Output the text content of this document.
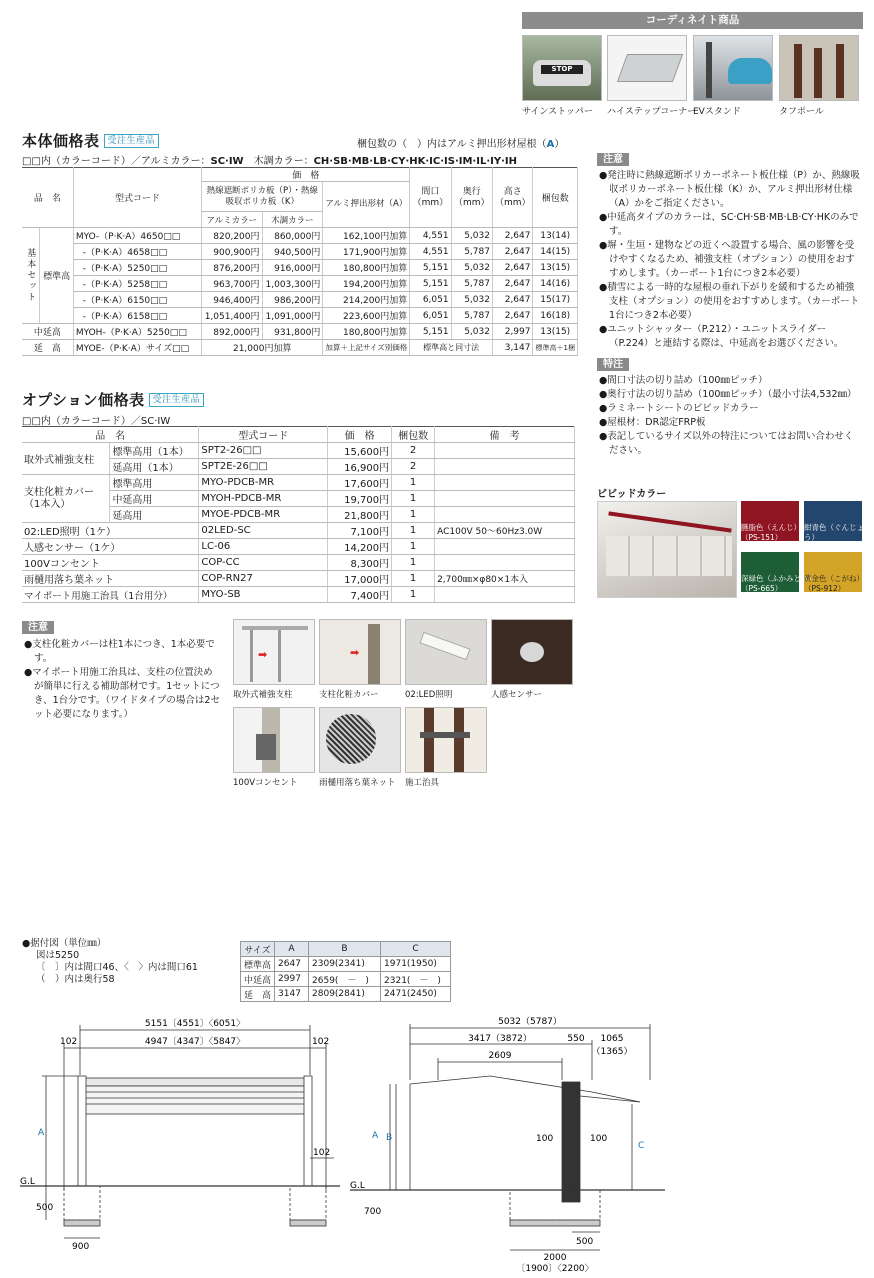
コーディネイト商品
STOP
サインストッパー ハイステップコーナー
EVスタンド	タフポール
本体価格表 受注生産品	梱包数の（　）内はアルミ押出形材屋根（A）
□□内（カラーコード）／アルミカラー：SC·IW　木調カラー：CH·SB·MB·LB·CY·HK·IC·IS·IM·IL·IY·IH
品　名		型式コード	価　格			間口（mm）	奥行（mm）	高さ（mm）	梱包数
			熱線遮断ポリカ板（P）・熱線吸収ポリカ板（K）		アルミ押出形材（A）				
			アルミカラー	木調カラー					
基本セット	標準高	MYO-（P·K·A）4650□□	820,200円	860,000円	162,100円加算	4,551	5,032	2,647	13(14)
		-（P·K·A）4658□□	900,900円	940,500円	171,900円加算	4,551	5,787	2,647	14(15)
		-（P·K·A）5250□□	876,200円	916,000円	180,800円加算	5,151	5,032	2,647	13(15)
		-（P·K·A）5258□□	963,700円	1,003,300円	194,200円加算	5,151	5,787	2,647	14(16)
		-（P·K·A）6150□□	946,400円	986,200円	214,200円加算	6,051	5,032	2,647	15(17)
		-（P·K·A）6158□□	1,051,400円	1,091,000円	223,600円加算	6,051	5,787	2,647	16(18)
中延高		MYOH-（P·K·A）5250□□	892,000円	931,800円	180,800円加算	5,151	5,032	2,997	13(15)
延　高		MYOE-（P·K·A）サイズ□□	21,000円加算		加算＋上記サイズ別価格	標準高と同寸法		3,147	標準高＋1梱
オプション価格表 受注生産品
□□内（カラーコード）／SC·IW
品　名		型式コード	価　格	梱包数	備　考
取外式補強支柱	標準高用（1本）	SPT2-26□□	15,600円	2	
	延高用（1本）	SPT2E-26□□	16,900円	2	
支柱化粧カバー（1本入）	標準高用	MYO-PDCB-MR	17,600円	1	
	中延高用	MYOH-PDCB-MR	19,700円	1	
	延高用	MYOE-PDCB-MR	21,800円	1	
02:LED照明（1ケ）		02LED-SC	7,100円	1	AC100V 50〜60Hz3.0W
人感センサー（1ケ）		LC-06	14,200円	1	
100Vコンセント		COP-CC	8,300円	1	
雨樋用落ち葉ネット		COP-RN27	17,000円	1	2,700㎜×φ80×1本入
マイポート用施工治具（1台用分）		MYO-SB	7,400円	1	
注意
●発注時に熱線遮断ポリカーボネート板仕様（P）か、熱線吸収ポリカーボネート板仕様（K）か、アルミ押出形材仕様（A）かをご指定ください。
●中延高タイプのカラーは、SC·CH·SB·MB·LB·CY·HKのみです。
●塀・生垣・建物などの近くへ設置する場合、風の影響を受けやすくなるため、補強支柱（オプション）の使用をおすすめします。（カーポート1台につき2本必要）
●積雪による一時的な屋根の垂れ下がりを緩和するため補強支柱（オプション）の使用をおすすめします。（カーポート1台につき2本必要）
●ユニットシャッター（P.212）・ユニットスライダー（P.224）と連結する際は、中延高をお選びください。
特注
●間口寸法の切り詰め（100㎜ピッチ）
●奥行寸法の切り詰め（100㎜ピッチ）（最小寸法4,532㎜）
●ラミネートシートのビビッドカラー
●屋根材：DR認定FRP板
●表記しているサイズ以外の特注についてはお問い合わせください。
ビビッドカラー
臙脂色（えんじ）
（PS-151）
紺青色（ぐんじょう）
（PS-668）
深緑色（ふかみどり）
（PS-665）
黄金色（こがね）
（PS-912）
注意
●支柱化粧カバーは柱1本につき、1本必要です。
●マイポート用施工治具は、支柱の位置決めが簡単に行える補助部材です。1セットにつき、1台分です。（ワイドタイプの場合は2セット必要になります。）
➡
取外式補強支柱
➡
支柱化粧カバー	02:LED照明	人感センサー
100Vコンセント	雨樋用落ち葉ネット 施工治具
●据付図（単位㎜）
図は5250
〔　〕内は間口46、〈　〉内は間口61
（　）内は奥行58
サイズ	A	B	C
標準高	2647	2309(2341)	1971(1950)
中延高	2997	2659(　－　)	2321(　－　)
延　高	3147	2809(2841)	2471(2450)
5151〔4551〕〈6051〉
4947〔4347〕〈5847〉
102	102
102
A
G.L
500
900
5032（5787）
3417（3872）	550 1065
（1365）
2609
A B
C
100	100
G.L
700
500
2000
〔1900〕〈2200〉
